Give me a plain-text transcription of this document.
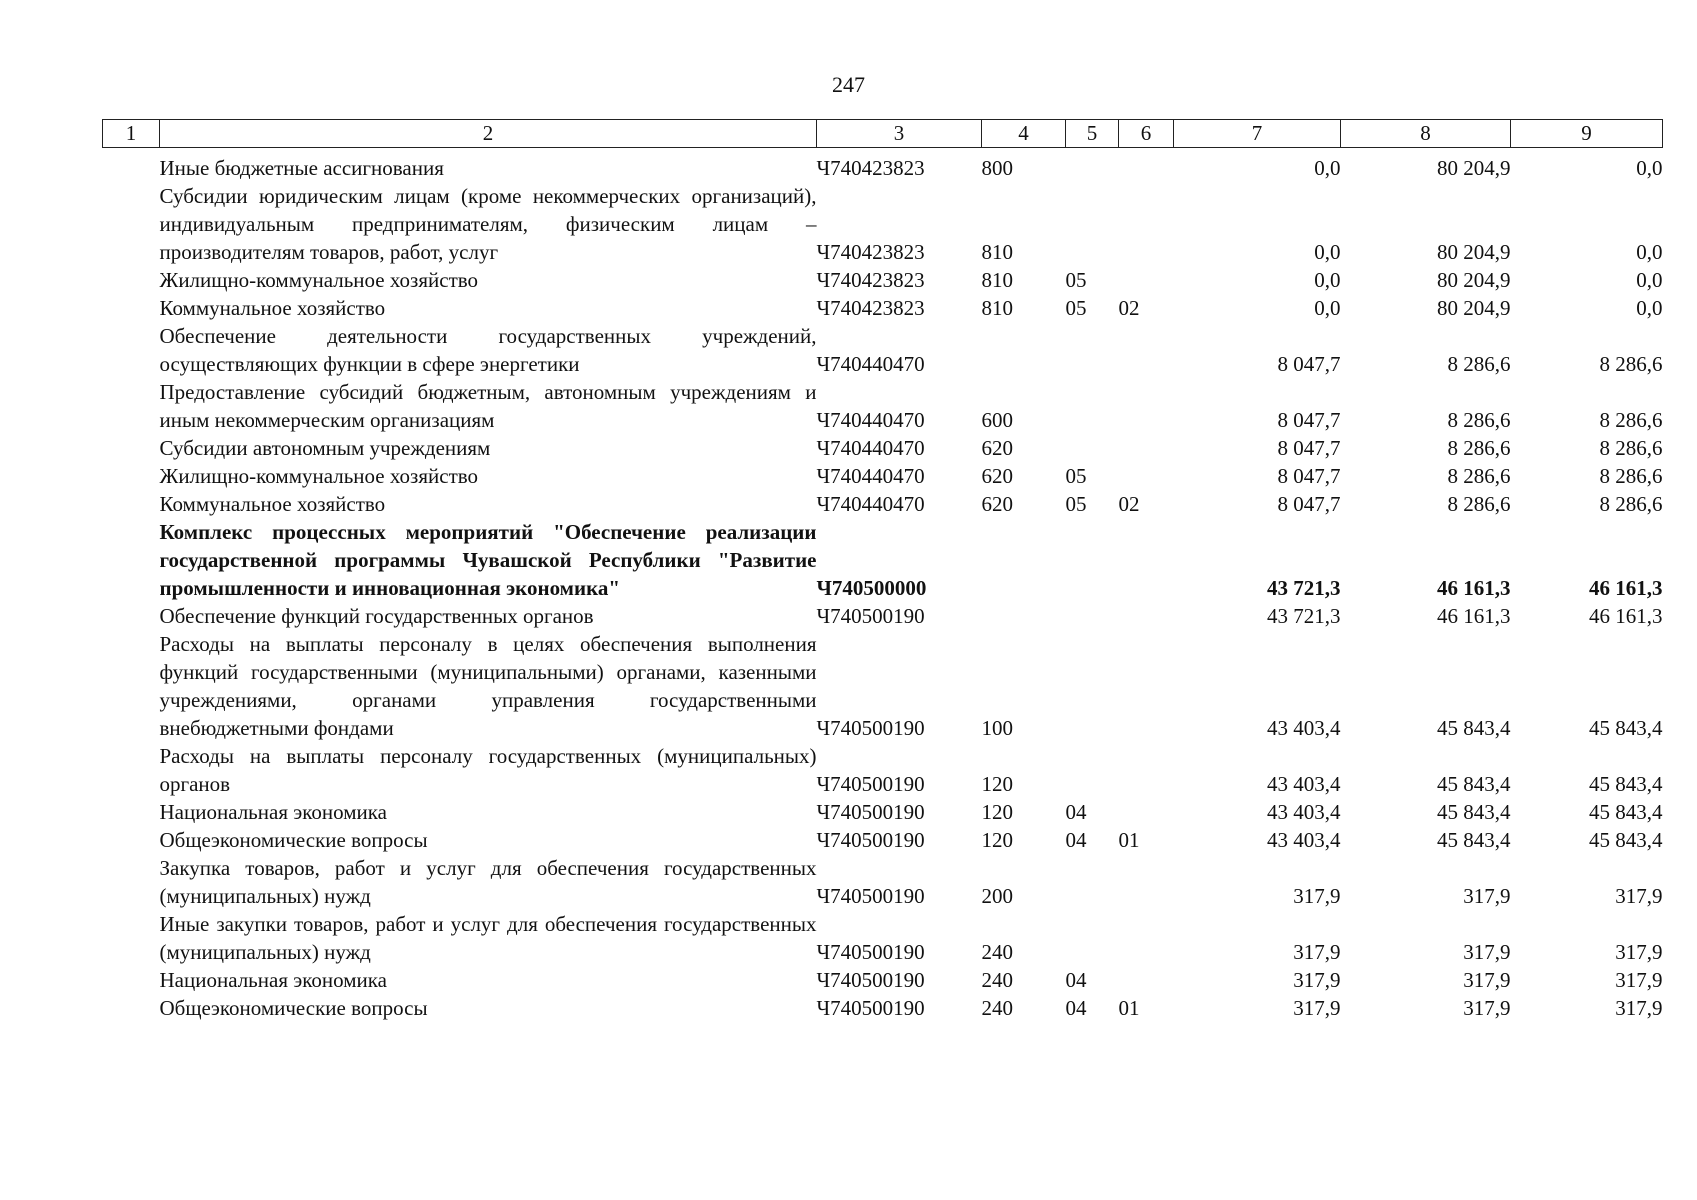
247
1	2	3	4	5	6	7	8	9

	Иные бюджетные ассигнования	Ч740423823	800			0,0	80 204,9	0,0
	Субсидии юридическим лицам (кроме некоммерческих организаций), индивидуальным предпринимателям, физическим лицам – производителям товаров, работ, услуг	Ч740423823	810			0,0	80 204,9	0,0
	Жилищно-коммунальное хозяйство	Ч740423823	810	05		0,0	80 204,9	0,0
	Коммунальное хозяйство	Ч740423823	810	05	02	0,0	80 204,9	0,0
	Обеспечение деятельности государственных учреждений, осуществляющих функции в сфере энергетики	Ч740440470				8 047,7	8 286,6	8 286,6
	Предоставление субсидий бюджетным, автономным учреждениям и иным некоммерческим организациям	Ч740440470	600			8 047,7	8 286,6	8 286,6
	Субсидии автономным учреждениям	Ч740440470	620			8 047,7	8 286,6	8 286,6
	Жилищно-коммунальное хозяйство	Ч740440470	620	05		8 047,7	8 286,6	8 286,6
	Коммунальное хозяйство	Ч740440470	620	05	02	8 047,7	8 286,6	8 286,6
	Комплекс процессных мероприятий "Обеспечение реализации государственной программы Чувашской Республики "Развитие промышленности и инновационная экономика"	Ч740500000				43 721,3	46 161,3	46 161,3
	Обеспечение функций государственных органов	Ч740500190				43 721,3	46 161,3	46 161,3
	Расходы на выплаты персоналу в целях обеспечения выполнения функций государственными (муниципальными) органами, казенными учреждениями, органами управления государственными внебюджетными фондами	Ч740500190	100			43 403,4	45 843,4	45 843,4
	Расходы на выплаты персоналу государственных (муниципальных) органов	Ч740500190	120			43 403,4	45 843,4	45 843,4
	Национальная экономика	Ч740500190	120	04		43 403,4	45 843,4	45 843,4
	Общеэкономические вопросы	Ч740500190	120	04	01	43 403,4	45 843,4	45 843,4
	Закупка товаров, работ и услуг для обеспечения государственных (муниципальных) нужд	Ч740500190	200			317,9	317,9	317,9
	Иные закупки товаров, работ и услуг для обеспечения государственных (муниципальных) нужд	Ч740500190	240			317,9	317,9	317,9
	Национальная экономика	Ч740500190	240	04		317,9	317,9	317,9
	Общеэкономические вопросы	Ч740500190	240	04	01	317,9	317,9	317,9
